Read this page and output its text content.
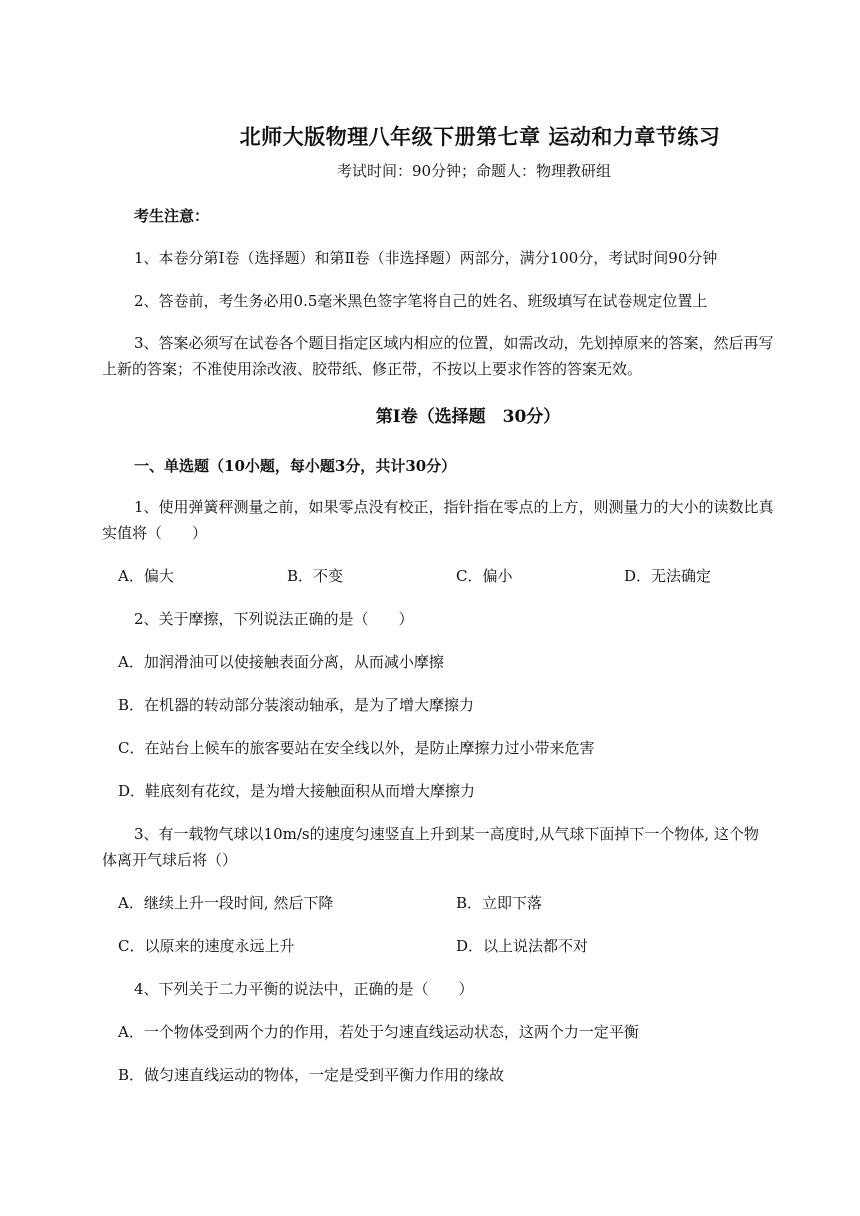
北师大版物理八年级下册第七章 运动和力章节练习
考试时间：90分钟；命题人：物理教研组
考生注意：
1、本卷分第Ⅰ卷（选择题）和第Ⅱ卷（非选择题）两部分，满分100分，考试时间90分钟
2、答卷前，考生务必用0.5毫米黑色签字笔将自己的姓名、班级填写在试卷规定位置上
3、答案必须写在试卷各个题目指定区域内相应的位置，如需改动，先划掉原来的答案，然后再写
上新的答案；不准使用涂改液、胶带纸、修正带，不按以上要求作答的答案无效。
第Ⅰ卷（选择题　30分）
一、单选题（10小题，每小题3分，共计30分）
1、使用弹簧秤测量之前，如果零点没有校正，指针指在零点的上方，则测量力的大小的读数比真
实值将（　　）
A．偏大	B．不变	C．偏小	D．无法确定
2、关于摩擦，下列说法正确的是（　　）
A．加润滑油可以使接触表面分离，从而减小摩擦
B．在机器的转动部分装滚动轴承，是为了增大摩擦力
C．在站台上候车的旅客要站在安全线以外，是防止摩擦力过小带来危害
D．鞋底刻有花纹，是为增大接触面积从而增大摩擦力
3、有一载物气球以10m/s的速度匀速竖直上升到某一高度时,从气球下面掉下一个物体, 这个物
体离开气球后将（）
A．继续上升一段时间, 然后下降	B．立即下落
C．以原来的速度永远上升	D．以上说法都不对
4、下列关于二力平衡的说法中，正确的是（　　）
A．一个物体受到两个力的作用，若处于匀速直线运动状态，这两个力一定平衡
B．做匀速直线运动的物体，一定是受到平衡力作用的缘故
